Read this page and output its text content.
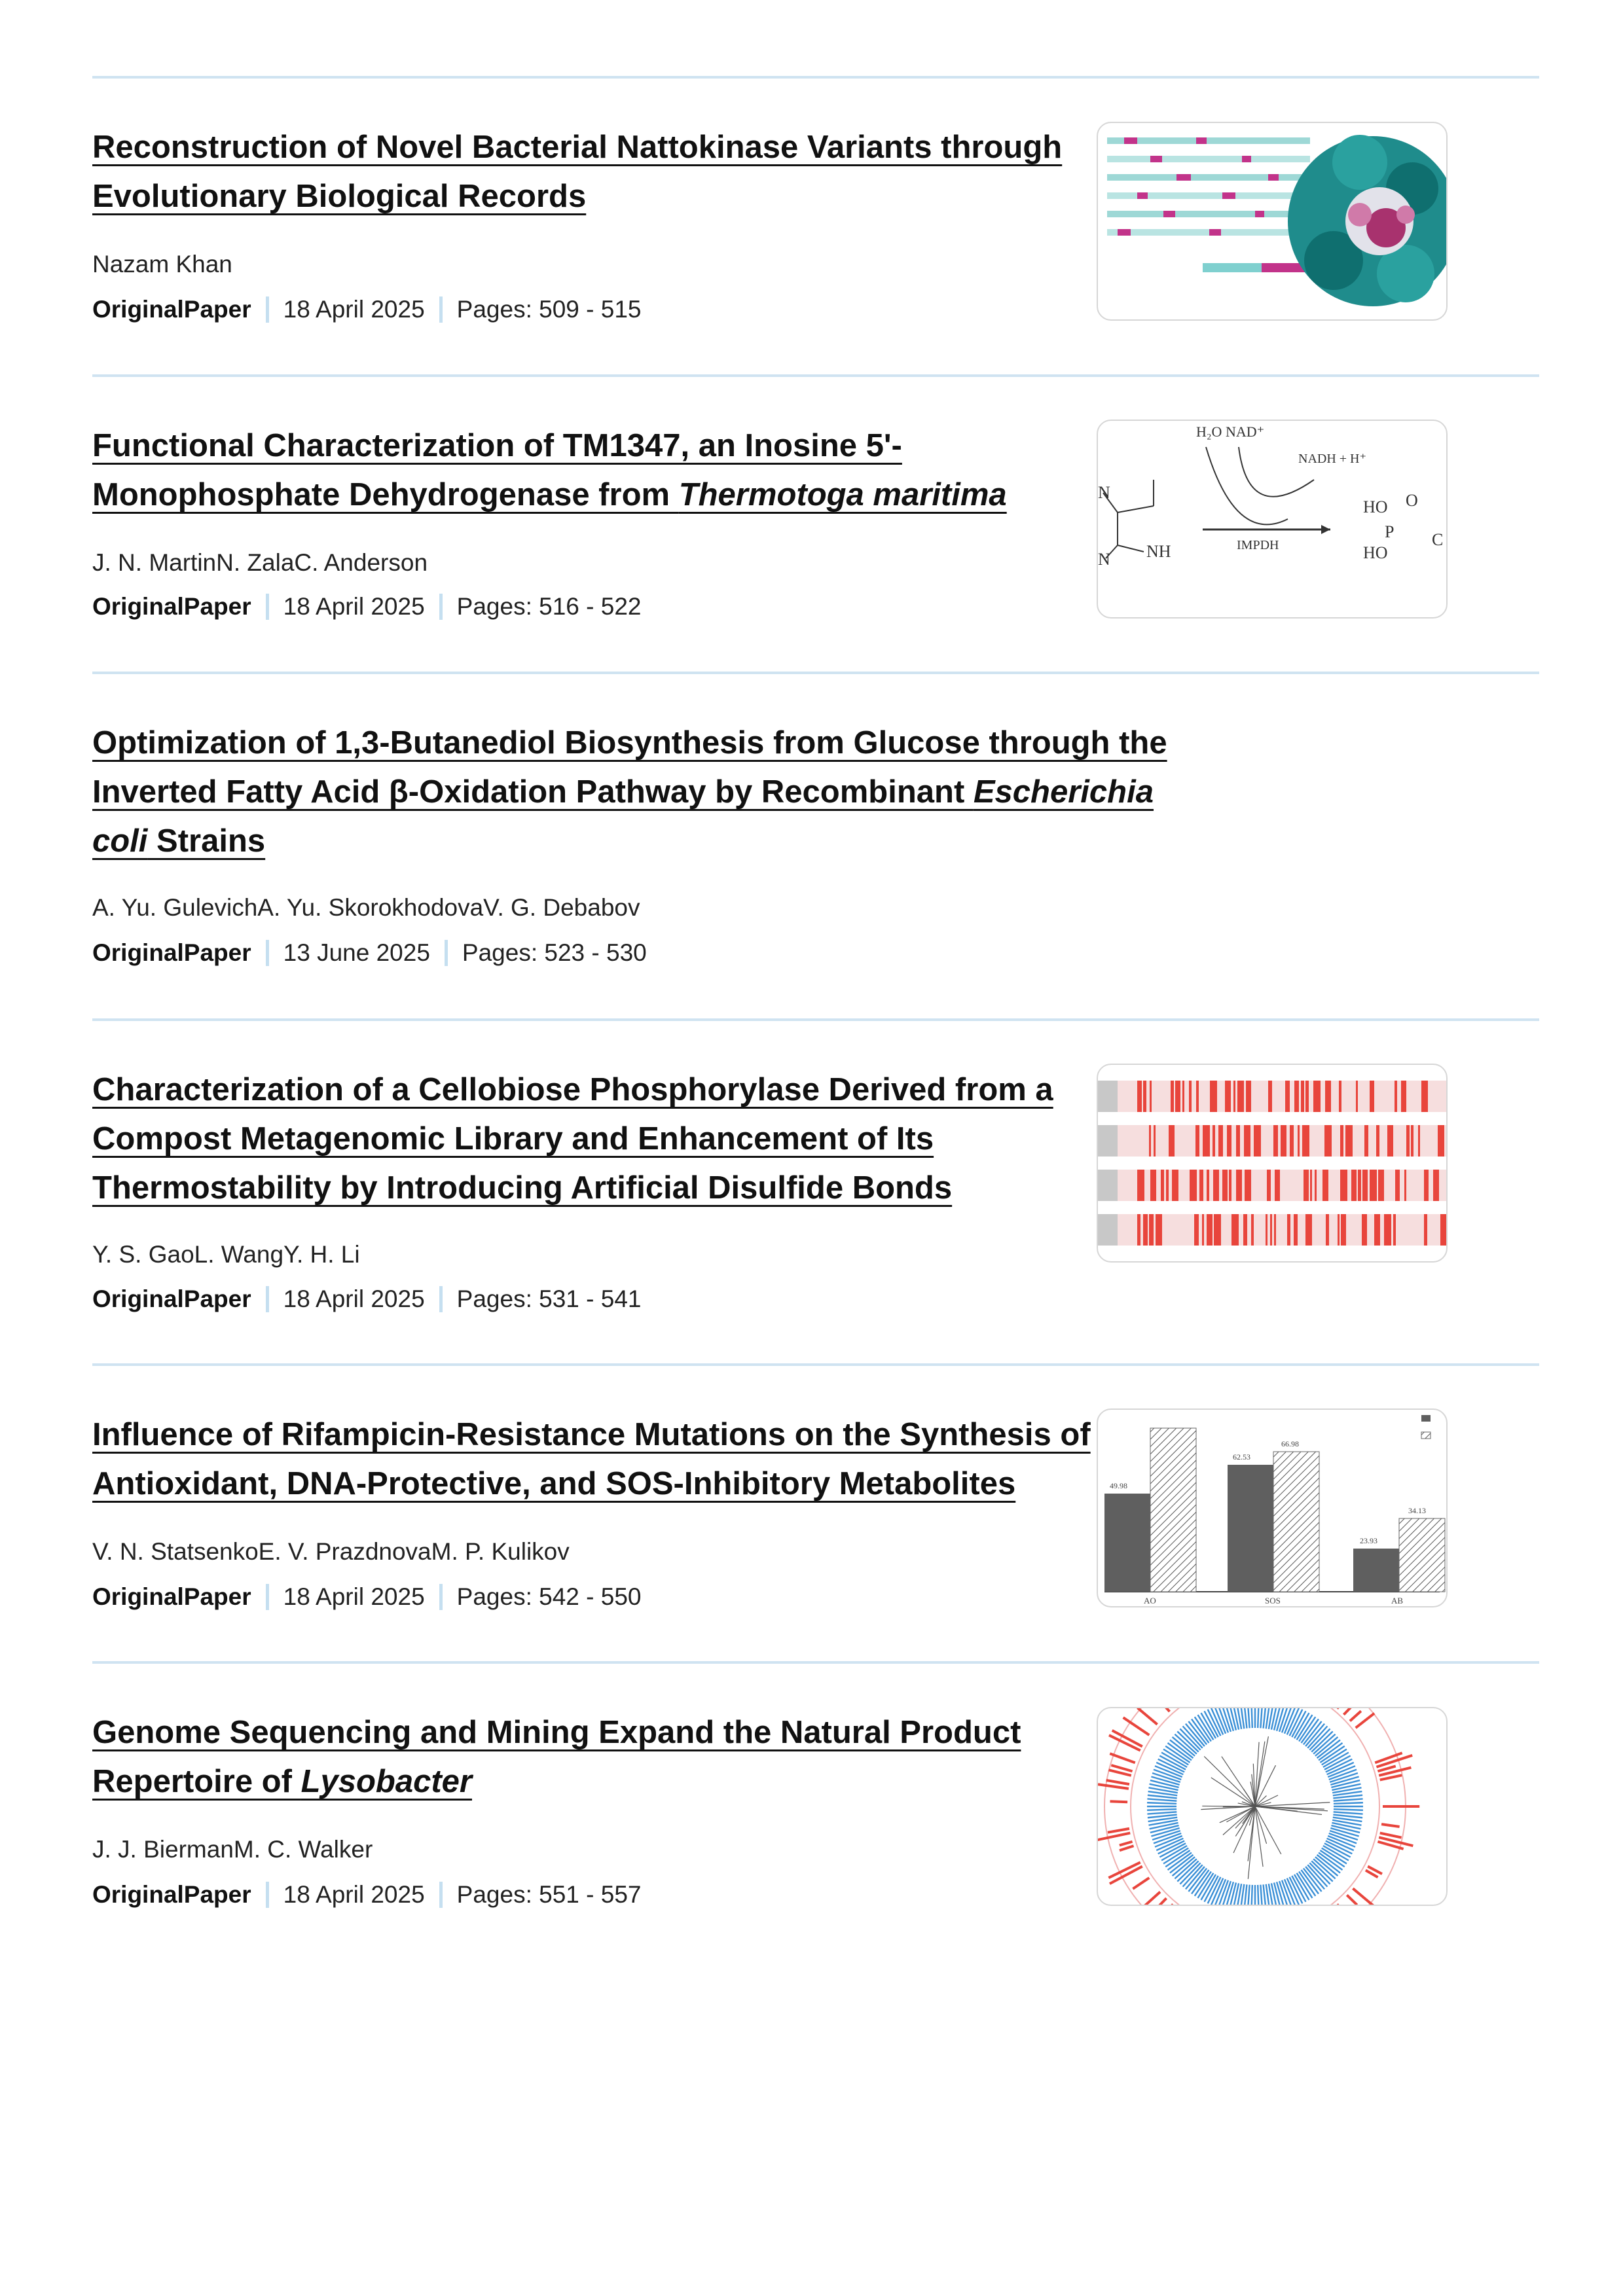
Reconstruction of Novel Bacterial Nattokinase Variants through
Evolutionary Biological Records
Nazam Khan
OriginalPaper 18 April 2025 Pages: 509 - 515
Functional Characterization of TM1347, an Inosine 5'-
Monophosphate Dehydrogenase from Thermotoga maritima
J. N. MartinN. ZalaC. Anderson
OriginalPaper 18 April 2025 Pages: 516 - 522
H₂O NAD⁺
NADH + H⁺
IMPDH
N
NH
N
HO
P
O
HO
C
Optimization of 1,3-Butanediol Biosynthesis from Glucose through the
Inverted Fatty Acid β-Oxidation Pathway by Recombinant Escherichia
coli Strains
A. Yu. GulevichA. Yu. SkorokhodovaV. G. Debabov
OriginalPaper 13 June 2025 Pages: 523 - 530
Characterization of a Cellobiose Phosphorylase Derived from a
Compost Metagenomic Library and Enhancement of Its
Thermostability by Introducing Artificial Disulfide Bonds
Y. S. GaoL. WangY. H. Li
OriginalPaper 18 April 2025 Pages: 531 - 541
Influence of Rifampicin-Resistance Mutations on the Synthesis of
Antioxidant, DNA-Protective, and SOS-Inhibitory Metabolites
V. N. StatsenkoE. V. PrazdnovaM. P. Kulikov
OriginalPaper 18 April 2025 Pages: 542 - 550
49.98
62.53
66.98
23.93
34.13
AO	SOS	AB
Genome Sequencing and Mining Expand the Natural Product
Repertoire of Lysobacter
J. J. BiermanM. C. Walker
OriginalPaper 18 April 2025 Pages: 551 - 557
